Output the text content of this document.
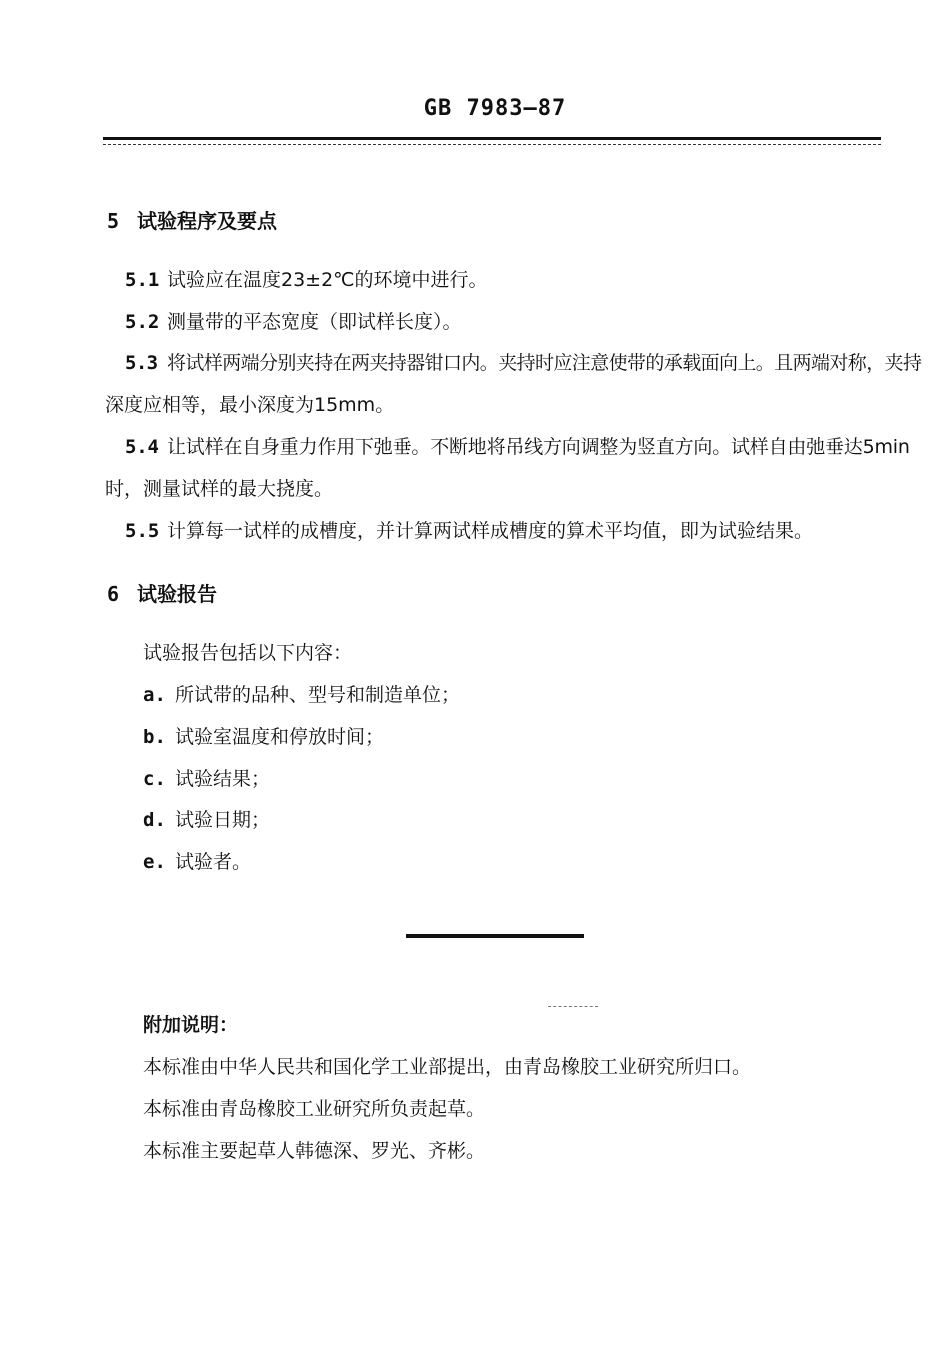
GB 7983—87
5 试验程序及要点
5.1 试验应在温度23±2℃的环境中进行。
5.2 测量带的平态宽度（即试样长度）。
5.3 将试样两端分别夹持在两夹持器钳口内。夹持时应注意使带的承载面向上。且两端对称，夹持
深度应相等，最小深度为15mm。
5.4 让试样在自身重力作用下弛垂。不断地将吊线方向调整为竖直方向。试样自由弛垂达5min
时，测量试样的最大挠度。
5.5 计算每一试样的成槽度，并计算两试样成槽度的算术平均值，即为试验结果。
6 试验报告
试验报告包括以下内容：
a. 所试带的品种、型号和制造单位；
b. 试验室温度和停放时间；
c. 试验结果；
d. 试验日期；
e. 试验者。
附加说明：
本标准由中华人民共和国化学工业部提出，由青岛橡胶工业研究所归口。
本标准由青岛橡胶工业研究所负责起草。
本标准主要起草人韩德深、罗光、齐彬。
